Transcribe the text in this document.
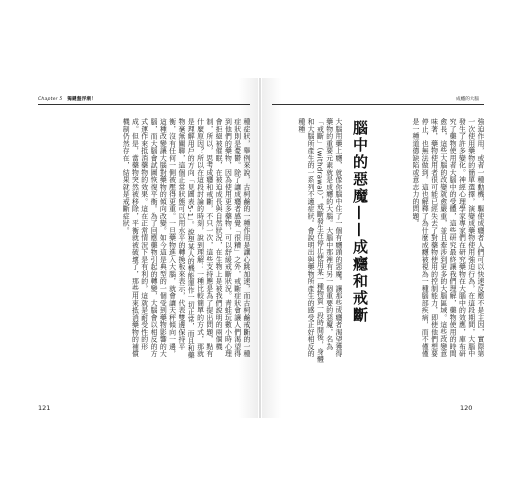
Chapter 5 獨鍵盤浮潮！	成癮的大腦
強迫作用，或者一種動機，驅使成癮者人們可以快速反應不是主因，實際第一次使用藥物的簡單選擇，演變成藥物使用強迫行為，在這段期間，大腦中發生了許多變化。神經心理學家專家們在研究藥物在大腦中的效應，庫布研究了藥物使用者大腦中的受體，這些研究最終讓我們理解，藥物使用的時間愈長，這些大腦的改變就愈嚴重，並且牽涉到更多的大腦區域。這些改變意味著，藥物使用者很可能已經失去了對藥物使用的控制能力，即使他們想要停止，也無法做到。這也解釋了為什麼成癮被視為一種腦部疾病，而不僅僅是一種道德缺陷或意志力的問題。
腦中的惡魔——成癮和戒斷
大腦用藥上癮，就像你腦中住了一個有癮頭的惡魔。讓那些成癮者渴望獲得藥物的重要元素就是成癮的大腦。大腦中那裡有另一個重要的惡魔，名為「戒斷」（withdrawal），戒斷發生在停止使用某一種物質一段時間後，身體和大腦所產生的一系列不適症狀。會說明出與藥物所產生的感受正好相反的種種
種症狀，舉例來說，古柯鹼的一種作用是讓心跳加速，而古柯鹼戒斷的一種症狀則是憂鬱。除了讓成癮者感覺「很糟」之外，戒斷症狀會讓人們渴望得到他們的藥物，因為使用更多藥物，可以舒緩戒斷狀況。青蛙玩數小時心理會拒絕被催眠，在被迫成長與自然狀況，在生物上是被我們說明的兩個機制，所以，思考成癮和戒斷，不只一次，這些支持應是為了提出問題，點有什麼原因？所以在這段討論的時刻，說到理解：一種比較簡單的方式，那就是理解用戶的方向「見圖表5-1」。說想某人的機能運作一切正常，而且和藥物毫無關聯，這個正常狀態可以用水平的轉換板來表示，代表雙邊保持平衡，沒有任何一側被壓得更重。一旦藥物進入大腦，就會讓天秤傾向一邊，這種改變讓大腦對藥物的傾向改變。如今這是典型的一個受到藥物影響的大腦，而大腦會試圖恢復平衡。為了回應藥物引起的轉變，大腦會以相反的方式運作來抵消藥物的效果。這在正常情況下是有利的，這就是耐受性的形成。但是，當藥物突然被移除，平衡就被破壞了，那些用來抵消藥物的補償機制仍然存在，結果就是戒斷症狀。
121	120
